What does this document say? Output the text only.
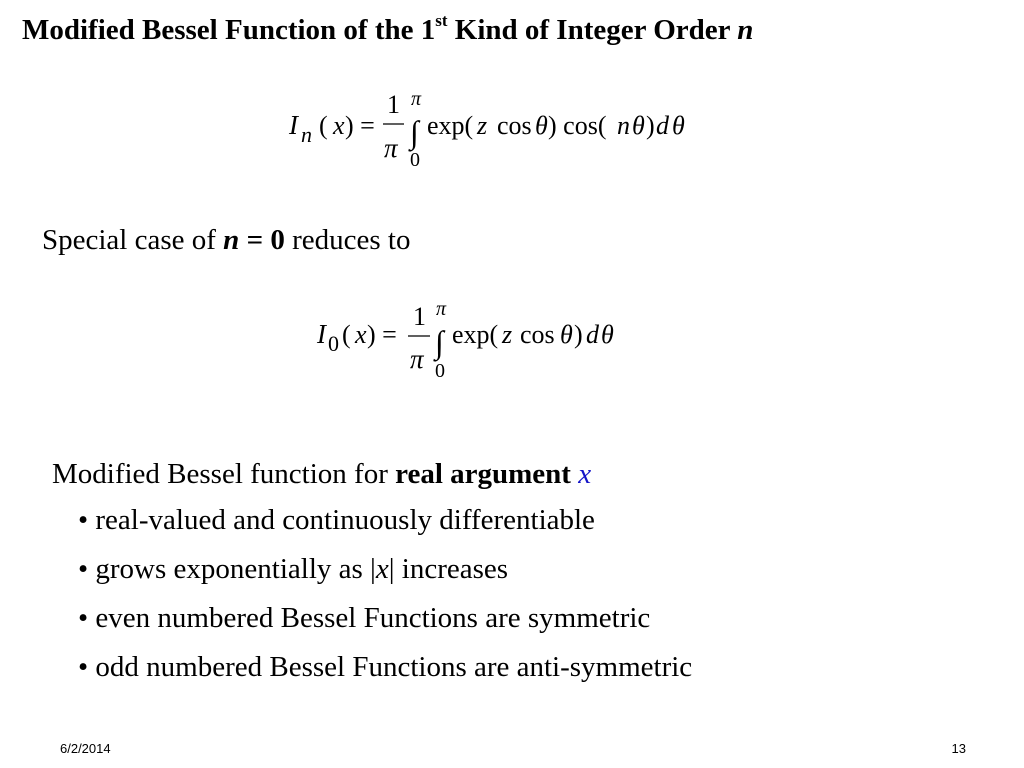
Modified Bessel Function of the 1st Kind of Integer Order n
I n ( x ) =
1
π
π
∫
0
exp( z cos θ ) cos( n θ ) d θ
I 0 ( x ) =
1
π
π
∫
0
exp( z cos θ ) d θ
Special case of n = 0 reduces to
Modified Bessel function for real argument x
• real-valued and continuously differentiable
• grows exponentially as |x| increases
• even numbered Bessel Functions are symmetric
• odd numbered Bessel Functions are anti-symmetric
6/2/2014	13
